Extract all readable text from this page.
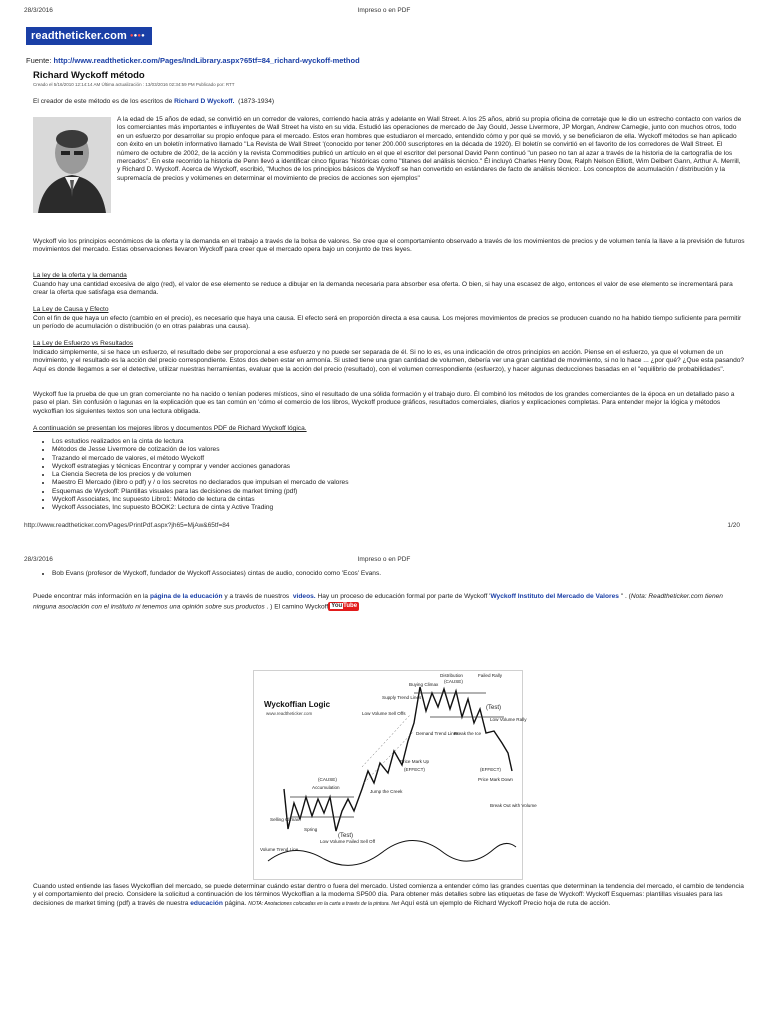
28/3/2016	Impreso o en PDF
readtheticker.com ●●●●
Fuente: http://www.readtheticker.com/Pages/IndLibrary.aspx?65tf=84_richard-wyckoff-method
Richard Wyckoff método
Creado el 5/16/2010 12:14:14 AM Última actualización : 13/03/2016 02:34:59 PM Publicado por: RTT
El creador de este método es de los escritos de Richard D Wyckoff. (1873-1934)
A la edad de 15 años de edad, se convirtió en un corredor de valores, corriendo hacia atrás y adelante en Wall Street. A los 25 años, abrió su propia oficina de corretaje que le dio un estrecho contacto con varios de los comerciantes más importantes e influyentes de Wall Street ha visto en su vida. Estudió las operaciones de mercado de Jay Gould, Jesse Livermore, JP Morgan, Andrew Carnegie, junto con muchos otros, todo en un esfuerzo por desarrollar su propio enfoque para el mercado. Estos eran hombres que estudiaron el mercado, entendido cómo y por qué se movió, y se beneficiaron de ella. Wyckoff métodos se han aplicado con éxito en un boletín informativo llamado "La Revista de Wall Street '(conocido por tener 200.000 suscriptores en la década de 1920). El boletín se convirtió en el favorito de los corredores de Wall Street. El número de octubre de 2002, de la acción y la revista Commodities publicó un artículo en el que el escritor del personal David Penn continuó "un paseo no tan al azar a través de la historia de la cartografía de los mercados". En este recorrido la historia de Penn llevó a identificar cinco figuras 'históricas como "titanes del análisis técnico." Él incluyó Charles Henry Dow, Ralph Nelson Elliott, Wim Delbert Gann, Arthur A. Merrill, y Richard D. Wyckoff. Acerca de Wyckoff, escribió, "Muchos de los principios básicos de Wyckoff se han convertido en estándares de facto de análisis técnico:. Los conceptos de acumulación / distribución y la supremacía de precios y volúmenes en determinar el movimiento de precios de acciones son ejemplos"
Wyckoff vio los principios económicos de la oferta y la demanda en el trabajo a través de la bolsa de valores. Se cree que el comportamiento observado a través de los movimientos de precios y de volumen tenía la llave a la previsión de futuros movimientos del mercado. Estas observaciones llevaron Wyckoff para creer que el mercado opera bajo un conjunto de tres leyes.
La ley de la oferta y la demanda
Cuando hay una cantidad excesiva de algo (red), el valor de ese elemento se reduce a dibujar en la demanda necesaria para absorber esa oferta. O bien, si hay una escasez de algo, entonces el valor de ese elemento se incrementará para crear la oferta que satisfaga esa demanda.
La Ley de Causa y Efecto
Con el fin de que haya un efecto (cambio en el precio), es necesario que haya una causa. El efecto será en proporción directa a esa causa. Los mejores movimientos de precios se producen cuando no ha habido tiempo suficiente para permitir un período de acumulación o distribución (o en otras palabras una causa).
La Ley de Esfuerzo vs Resultados
Indicado simplemente, si se hace un esfuerzo, el resultado debe ser proporcional a ese esfuerzo y no puede ser separada de él. Si no lo es, es una indicación de otros principios en acción. Piense en el esfuerzo, ya que el volumen de un movimiento, y el resultado es la acción del precio correspondiente. Estos dos deben estar en armonía. Si usted tiene una gran cantidad de volumen, debería ver una gran cantidad de movimiento, si no lo hace ... ¿por qué? ¿Que esta pasando? Aquí es donde llegamos a ser el detective, utilizar nuestras herramientas, evaluar que la acción del precio (resultado), con el volumen correspondiente (esfuerzo), y hacer algunas deducciones basadas en el "equilibrio de probabilidades".
Wyckoff fue la prueba de que un gran comerciante no ha nacido o tenían poderes místicos, sino el resultado de una sólida formación y el trabajo duro. Él combinó los métodos de los grandes comerciantes de la época en un detallado paso a paso el plan. Sin confusión o lagunas en la explicación que es tan común en 'cómo el comercio de los libros, Wyckoff produce gráficos, resultados comerciales, diarios y explicaciones completas. Para entender mejor la lógica y métodos wyckoffian los siguientes textos son una lectura obligada.
A continuación se presentan los mejores libros y documentos PDF de Richard Wyckoff lógica.
• Los estudios realizados en la cinta de lectura
• Métodos de Jesse Livermore de cotización de los valores
• Trazando el mercado de valores, el método Wyckoff
• Wyckoff estrategias y técnicas Encontrar y comprar y vender acciones ganadoras
• La Ciencia Secreta de los precios y de volumen
• Maestro El Mercado (libro o pdf) y / o los secretos no declarados que impulsan el mercado de valores
• Esquemas de Wyckoff: Plantillas visuales para las decisiones de market timing (pdf)
• Wyckoff Associates, Inc supuesto Libro1: Método de lectura de cintas
• Wyckoff Associates, Inc supuesto BOOK2: Lectura de cinta y Active Trading
http://www.readtheticker.com/Pages/PrintPdf.aspx?jh65=MjAw&65tf=84	1/20
28/3/2016	Impreso o en PDF
• Bob Evans (profesor de Wyckoff, fundador de Wyckoff Associates) cintas de audio, conocido como 'Ecos' Evans.
Puede encontrar más información en la página de la educación y a través de nuestros videos. Hay un proceso de educación formal por parte de Wyckoff 'Wyckoff Instituto del Mercado de Valores " . (Nota: Readtheticker.com tienen ninguna asociación con el instituto ni tenemos una opinión sobre sus productos . ) El camino Wyckoff YouTube
Wyckoffian Logic
www.readtheticker.com
Buying Climax
Distribution
(CAUSE)
Failed Rally
(Test)
Supply Trend Lines
Low Volume Rally
Low Volume Sell Offs
Demand Trend Lines
Break the Ice
Price Mark Up
(EFFECT)	(EFFECT)
Price Mark Down
(CAUSE)
Accumulation
Jump the Creek
Break Out with Volume
Selling Climax
Spring
(Test)
Low Volume Failed Sell Off
Volume Trend Line
Cuando usted entiende las fases Wyckoffian del mercado, se puede determinar cuándo estar dentro o fuera del mercado. Usted comienza a entender cómo las grandes cuentas que determinan la tendencia del mercado, el cambio de tendencia y el comportamiento del precio. Considere la solicitud a continuación de los términos Wyckoffian a la moderna SP500 día. Para obtener más detalles sobre las etiquetas de fase de Wyckoff: Wyckoff Esquemas: plantillas visuales para las decisiones de market timing (pdf) a través de nuestra educación página. NOTA: Anotaciones colocadas en la carta a través de la pintura. Net Aquí está un ejemplo de Richard Wyckoff Precio hoja de ruta de acción.
